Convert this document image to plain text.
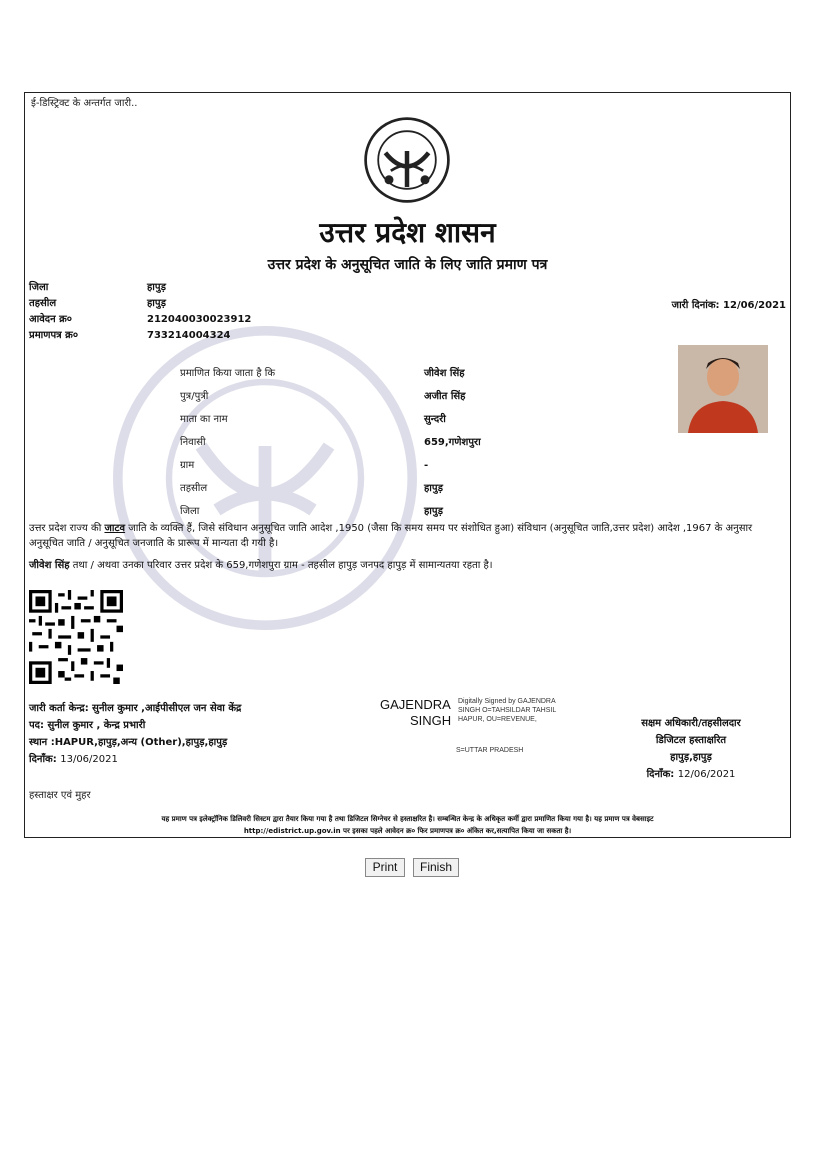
ई-डिस्ट्रिक्ट के अन्तर्गत जारी..
उत्तर प्रदेश शासन
उत्तर प्रदेश के अनुसूचित जाति के लिए जाति प्रमाण पत्र
जिला	हापुड़
तहसील	हापुड़
आवेदन क्र०	212040030023912
प्रमाणपत्र क्र०	733214004324
जारी दिनांक: 12/06/2021
प्रमाणित किया जाता है कि	जीवेश सिंह
पुत्र/पुत्री	अजीत सिंह
माता का नाम	सुन्दरी
निवासी	659,गणेशपुरा
ग्राम	-
तहसील	हापुड़
जिला	हापुड़
उत्तर प्रदेश राज्य की जाटव जाति के व्यक्ति हैं, जिसे संविधान अनुसूचित जाति आदेश ,1950 (जैसा कि समय समय पर संशोधित हुआ) संविधान (अनुसूचित जाति,उत्तर प्रदेश) आदेश ,1967 के अनुसार अनुसूचित जाति / अनुसूचित जनजाति के प्रारूप में मान्यता दी गयी है।
जीवेश सिंह तथा / अथवा उनका परिवार उत्तर प्रदेश के 659,गणेशपुरा ग्राम - तहसील हापुड़ जनपद हापुड़ में सामान्यतया रहता है।
जारी कर्ता केन्द्र: सुनील कुमार ,आईपीसीएल जन सेवा केंद्र
पद: सुनील कुमार , केन्द्र प्रभारी
स्थान :HAPUR,हापुड़,अन्य (Other),हापुड़,हापुड़
दिनाँक: 13/06/2021
GAJENDRA
SINGH
Digitally Signed by GAJENDRA SINGH O=TAHSILDAR TAHSIL HAPUR, OU=REVENUE,
S=UTTAR PRADESH
सक्षम अधिकारी/तहसीलदार
डिजिटल हस्ताक्षरित
हापुड़,हापुड़
दिनाँक: 12/06/2021
हस्ताक्षर एवं मुहर
यह प्रमाण पत्र इलेक्ट्रॉनिक डिलिवरी सिस्टम द्वारा तैयार किया गया है तथा डिजिटल सिग्नेचर से हस्ताक्षरित है। सम्बन्धित केन्द्र के अधिकृत कर्मी द्वारा प्रमाणित किया गया है। यह प्रमाण पत्र वेबसाइट
http://edistrict.up.gov.in पर इसका पहले आवेदन क्र० फिर प्रमाणपत्र क्र० अंकित कर,सत्यापित किया जा सकता है।
Print	Finish
